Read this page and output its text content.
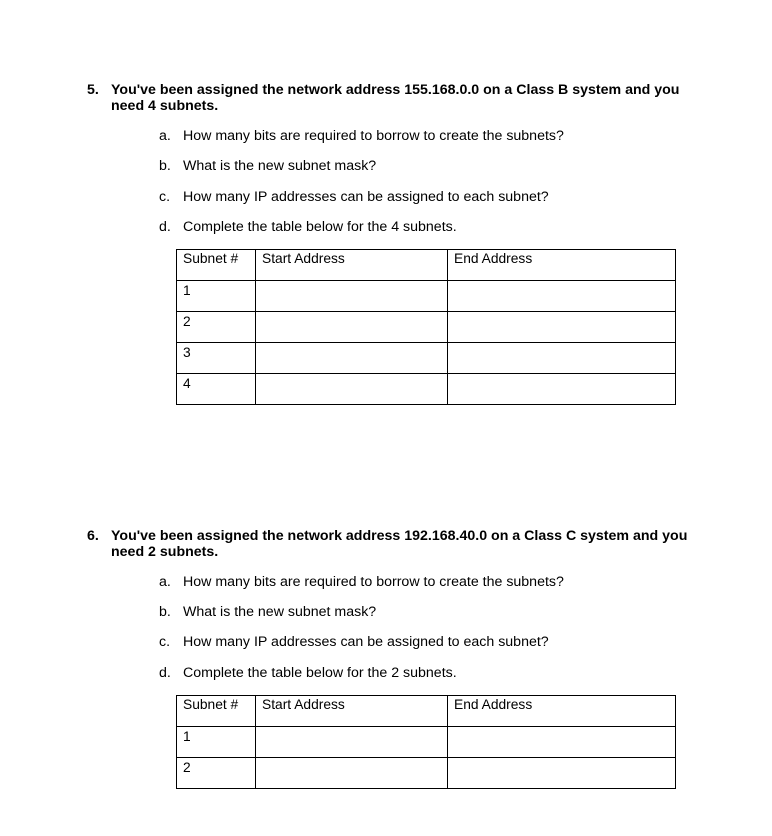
5. You've been assigned the network address 155.168.0.0 on a Class B system and you need 4 subnets.
a. How many bits are required to borrow to create the subnets?
b. What is the new subnet mask?
c. How many IP addresses can be assigned to each subnet?
d. Complete the table below for the 4 subnets.
Subnet #	Start Address	End Address

1		

2		

3		

4		

6. You've been assigned the network address 192.168.40.0 on a Class C system and you need 2 subnets.
a. How many bits are required to borrow to create the subnets?
b. What is the new subnet mask?
c. How many IP addresses can be assigned to each subnet?
d. Complete the table below for the 2 subnets.
Subnet #	Start Address	End Address

1		

2		
